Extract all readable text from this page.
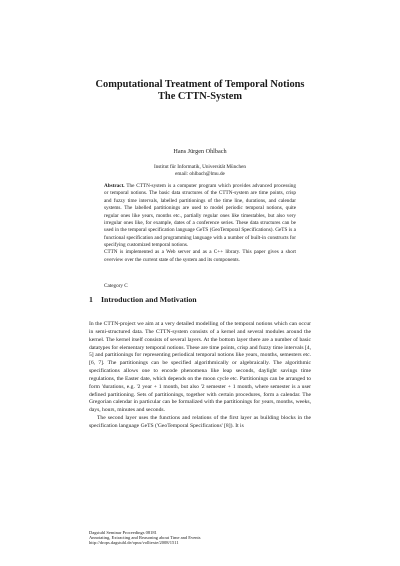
Computational Treatment of Temporal Notions
The CTTN-System
Hans Jürgen Ohlbach
Institut für Informatik, Universität München
email: ohlbach@lmu.de

Abstract. The CTTN-system is a computer program which provides advanced processing or temporal notions. The basic data structures of the CTTN-system are time points, crisp and fuzzy time intervals, labelled partitionings of the time line, durations, and calendar systems. The labelled partitionings are used to model periodic temporal notions, quite regular ones like years, months etc., partially regular ones like timestables, but also very irregular ones like, for example, dates of a conference series. These data structures can be used in the temporal specification language GeTS (GeoTemporal Specifications). GeTS is a functional specification and programming language with a number of built-in constructs for specifying customized temporal notions.

CTTN is implemented as a Web server and as a C++ library. This paper gives a short overview over the current state of the system and its components.

Category C
1 Introduction and Motivation

In the CTTN-project we aim at a very detailed modelling of the temporal notions which can occur in semi-structured data. The CTTN-system consists of a kernel and several modules around the kernel. The kernel itself consists of several layers. At the bottom layer there are a number of basic datatypes for elementary temporal notions. These are time points, crisp and fuzzy time intervals [4, 5] and partitionings for representing periodical temporal notions like years, months, semesters etc. [6, 7]. The partitionings can be specified algorithmically or algebraically. The algorithmic specifications allows one to encode phenomena like leap seconds, daylight savings time regulations, the Easter date, which depends on the moon cycle etc. Partitionings can be arranged to form 'durations, e.g. '2 year + 1 month, but also '2 semester + 1 month, where semester is a user defined partitioning. Sets of partitionings, together with certain procedures, form a calendar. The Gregorian calendar in particular can be formalized with the partitionings for years, months, weeks, days, hours, minutes and seconds.

The second layer uses the functions and relations of the first layer as building blocks in the specification language GeTS ('GeoTemporal Specifications' [8]). It is

Dagstuhl Seminar Proceedings 08181
Annotating, Extracting and Reasoning about Time and Events
http://drops.dagstuhl.de/opus/volltexte/2008/1511
